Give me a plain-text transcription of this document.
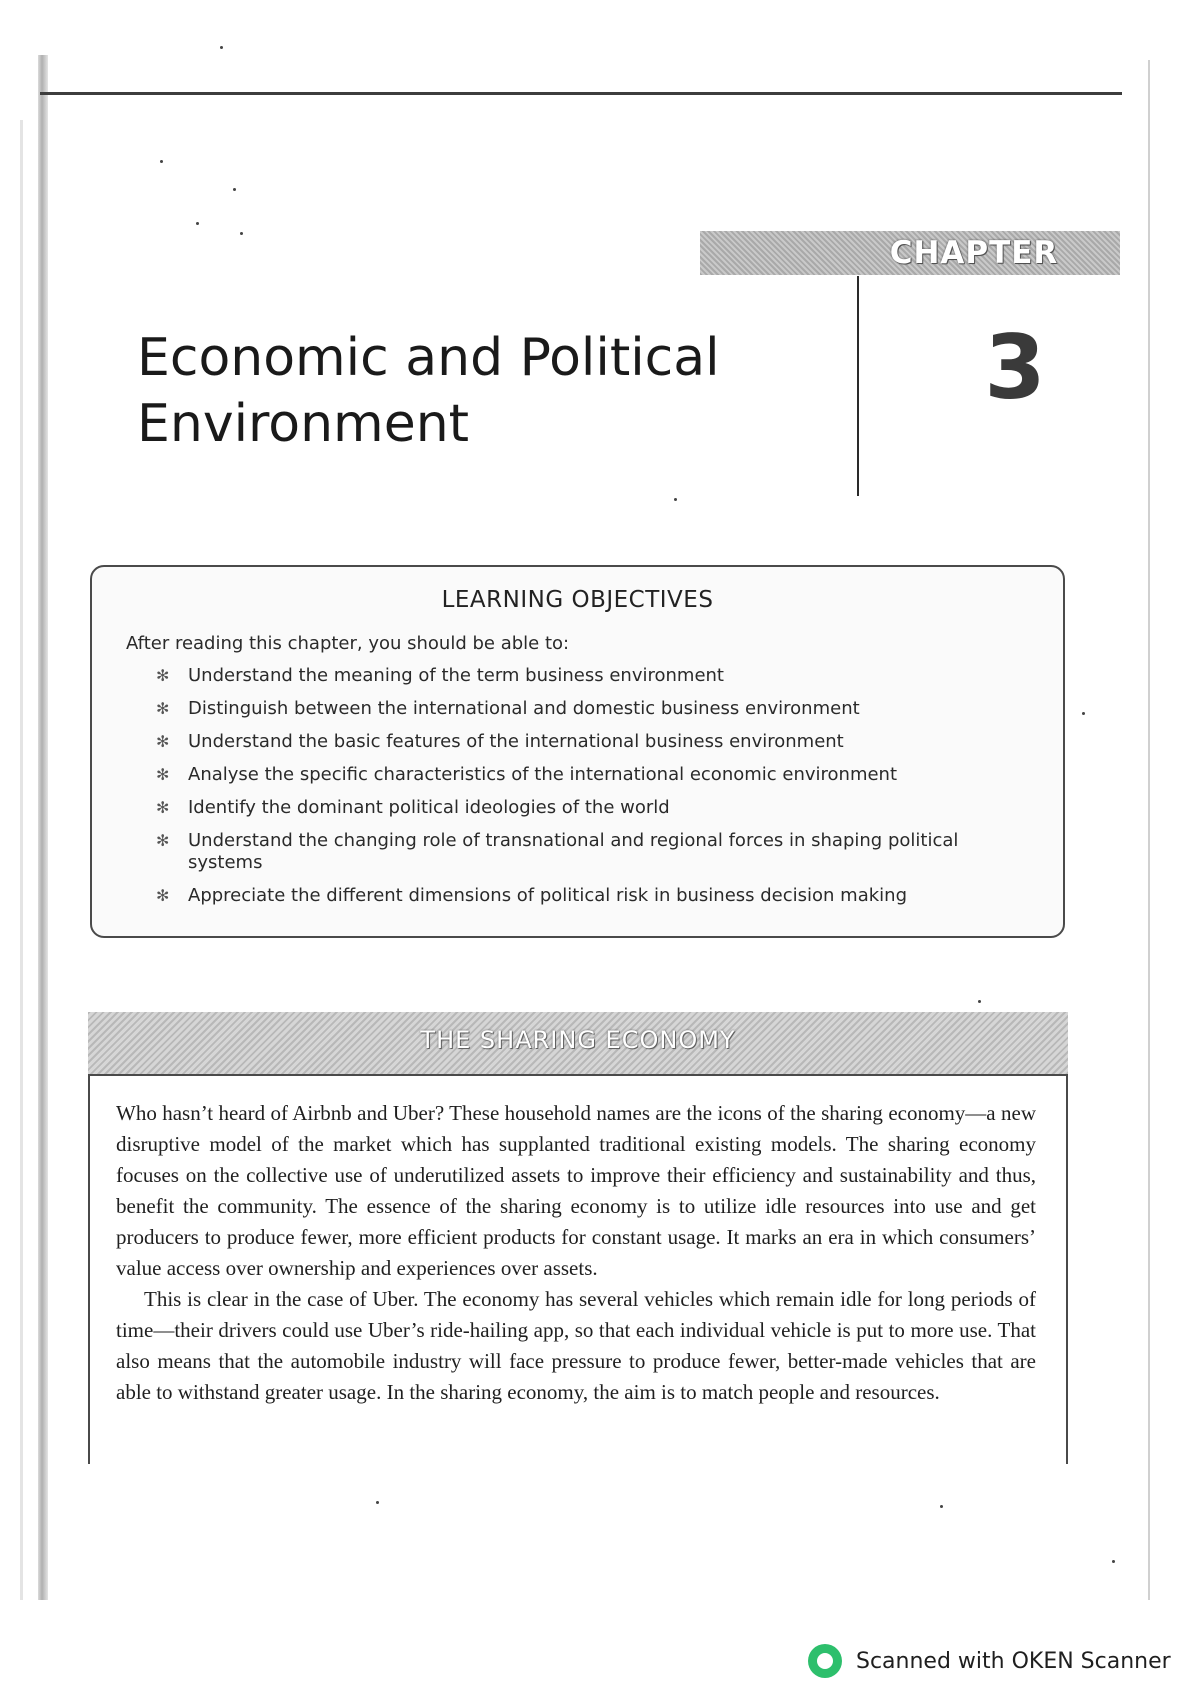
CHAPTER
3
Economic and Political
Environment
LEARNING OBJECTIVES
After reading this chapter, you should be able to:
✻ Understand the meaning of the term business environment
✻ Distinguish between the international and domestic business environment
✻ Understand the basic features of the international business environment
✻ Analyse the specific characteristics of the international economic environment
✻ Identify the dominant political ideologies of the world
✻ Understand the changing role of transnational and regional forces in shaping political systems
✻ Appreciate the different dimensions of political risk in business decision making
THE SHARING ECONOMY

Who hasn’t heard of Airbnb and Uber? These household names are the icons of the sharing economy—a new disruptive model of the market which has supplanted traditional existing models. The sharing economy focuses on the collective use of underutilized assets to improve their efficiency and sustainability and thus, benefit the community. The essence of the sharing economy is to utilize idle resources into use and get producers to produce fewer, more efficient products for constant usage. It marks an era in which consumers’ value access over ownership and experiences over assets.

This is clear in the case of Uber. The economy has several vehicles which remain idle for long periods of time—their drivers could use Uber’s ride-hailing app, so that each individual vehicle is put to more use. That also means that the automobile industry will face pressure to produce fewer, better-made vehicles that are able to withstand greater usage. In the sharing economy, the aim is to match people and resources.

Scanned with OKEN Scanner
